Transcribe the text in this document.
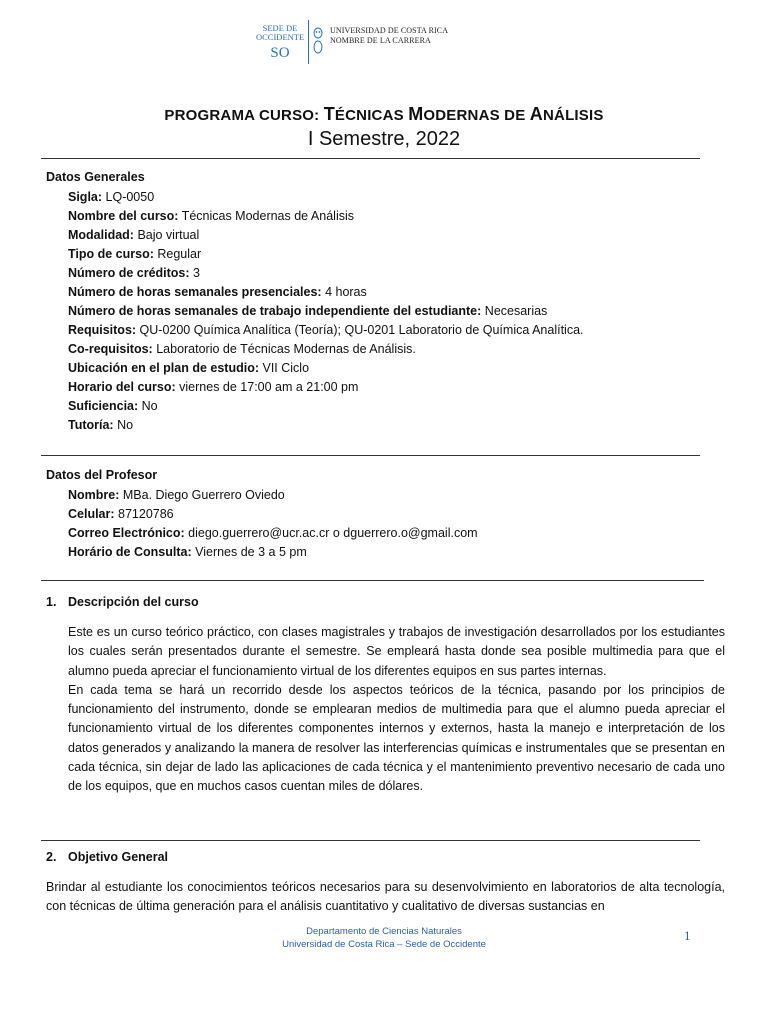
SEDE DE
OCCIDENTE
SO
UNIVERSIDAD DE COSTA RICA
NOMBRE DE LA CARRERA
PROGRAMA CURSO: TÉCNICAS MODERNAS DE ANÁLISIS
I Semestre, 2022
Datos Generales
Sigla: LQ-0050
Nombre del curso: Técnicas Modernas de Análisis
Modalidad: Bajo virtual
Tipo de curso: Regular
Número de créditos: 3
Número de horas semanales presenciales: 4 horas
Número de horas semanales de trabajo independiente del estudiante: Necesarias
Requisitos: QU-0200 Química Analítica (Teoría); QU-0201 Laboratorio de Química Analítica.
Co-requisitos: Laboratorio de Técnicas Modernas de Análisis.
Ubicación en el plan de estudio: VII Ciclo
Horario del curso: viernes de 17:00 am a 21:00 pm
Suficiencia: No
Tutoría: No
Datos del Profesor
Nombre: MBa. Diego Guerrero Oviedo
Celular: 87120786
Correo Electrónico: diego.guerrero@ucr.ac.cr o dguerrero.o@gmail.com
Horário de Consulta: Viernes de 3 a 5 pm
1. Descripción del curso

Este es un curso teórico práctico, con clases magistrales y trabajos de investigación desarrollados por los estudiantes los cuales serán presentados durante el semestre. Se empleará hasta donde sea posible multimedia para que el alumno pueda apreciar el funcionamiento virtual de los diferentes equipos en sus partes internas.

En cada tema se hará un recorrido desde los aspectos teóricos de la técnica, pasando por los principios de funcionamiento del instrumento, donde se emplearan medios de multimedia para que el alumno pueda apreciar el funcionamiento virtual de los diferentes componentes internos y externos, hasta la manejo e interpretación de los datos generados y analizando la manera de resolver las interferencias químicas e instrumentales que se presentan en cada técnica, sin dejar de lado las aplicaciones de cada técnica y el mantenimiento preventivo necesario de cada uno de los equipos, que en muchos casos cuentan miles de dólares.

2. Objetivo General

Brindar al estudiante los conocimientos teóricos necesarios para su desenvolvimiento en laboratorios de alta tecnología, con técnicas de última generación para el análisis cuantitativo y cualitativo de diversas sustancias en

Departamento de Ciencias Naturales
Universidad de Costa Rica – Sede de Occidente
1
